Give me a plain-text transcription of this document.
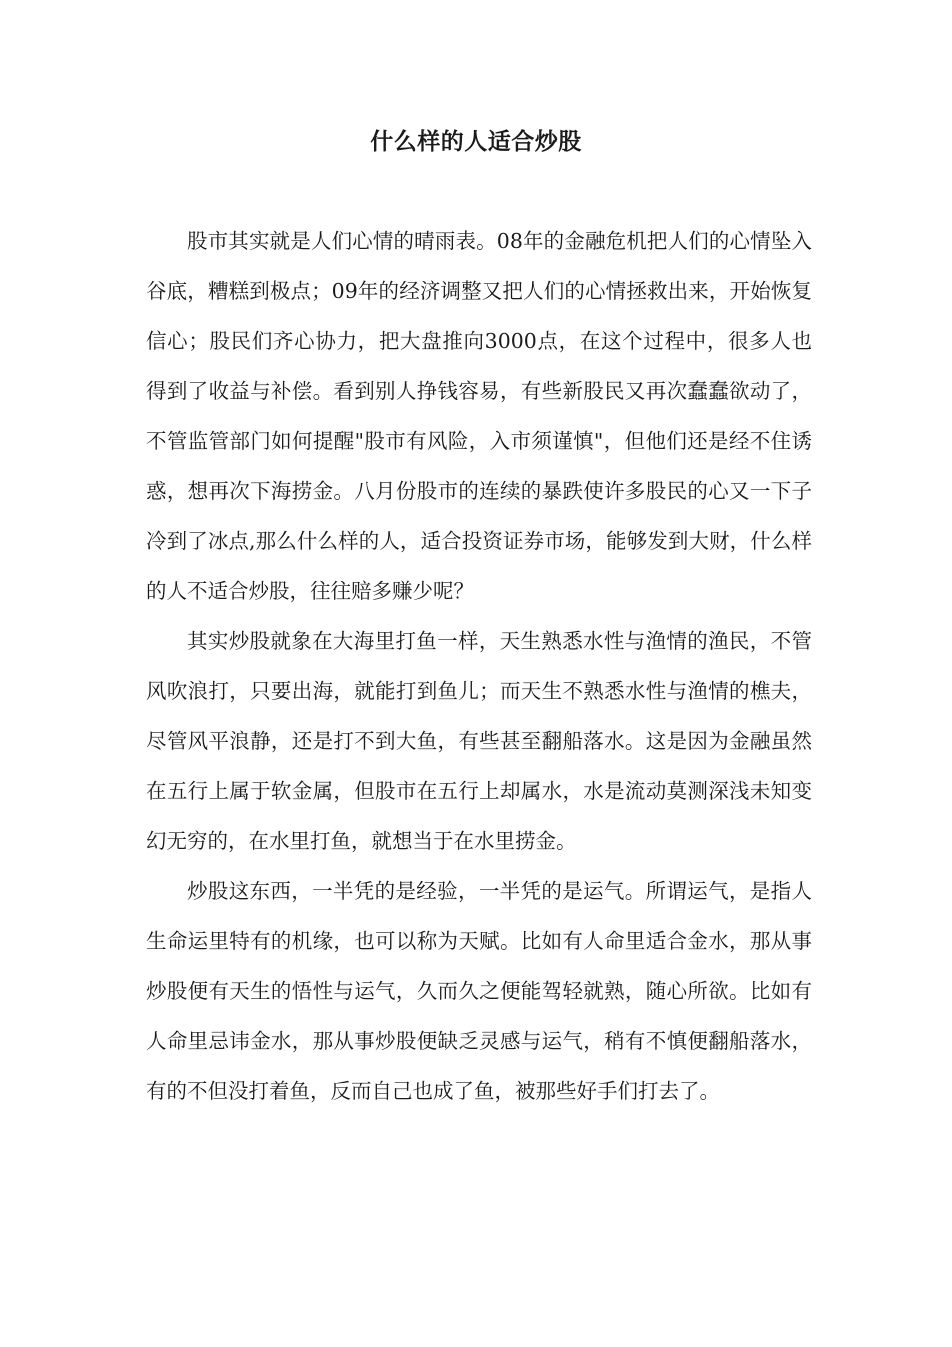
什么样的人适合炒股

股市其实就是人们心情的晴雨表。08年的金融危机把人们的心情坠入谷底，糟糕到极点；09年的经济调整又把人们的心情拯救出来，开始恢复信心；股民们齐心协力，把大盘推向3000点，在这个过程中，很多人也得到了收益与补偿。看到别人挣钱容易，有些新股民又再次蠢蠢欲动了，不管监管部门如何提醒"股市有风险，入市须谨慎"，但他们还是经不住诱惑，想再次下海捞金。八月份股市的连续的暴跌使许多股民的心又一下子冷到了冰点,那么什么样的人，适合投资证券市场，能够发到大财，什么样的人不适合炒股，往往赔多赚少呢？

其实炒股就象在大海里打鱼一样，天生熟悉水性与渔情的渔民，不管风吹浪打，只要出海，就能打到鱼儿；而天生不熟悉水性与渔情的樵夫，尽管风平浪静，还是打不到大鱼，有些甚至翻船落水。这是因为金融虽然在五行上属于软金属，但股市在五行上却属水，水是流动莫测深浅未知变幻无穷的，在水里打鱼，就想当于在水里捞金。

炒股这东西，一半凭的是经验，一半凭的是运气。所谓运气，是指人生命运里特有的机缘，也可以称为天赋。比如有人命里适合金水，那从事炒股便有天生的悟性与运气，久而久之便能驾轻就熟，随心所欲。比如有人命里忌讳金水，那从事炒股便缺乏灵感与运气，稍有不慎便翻船落水，有的不但没打着鱼，反而自己也成了鱼，被那些好手们打去了。
